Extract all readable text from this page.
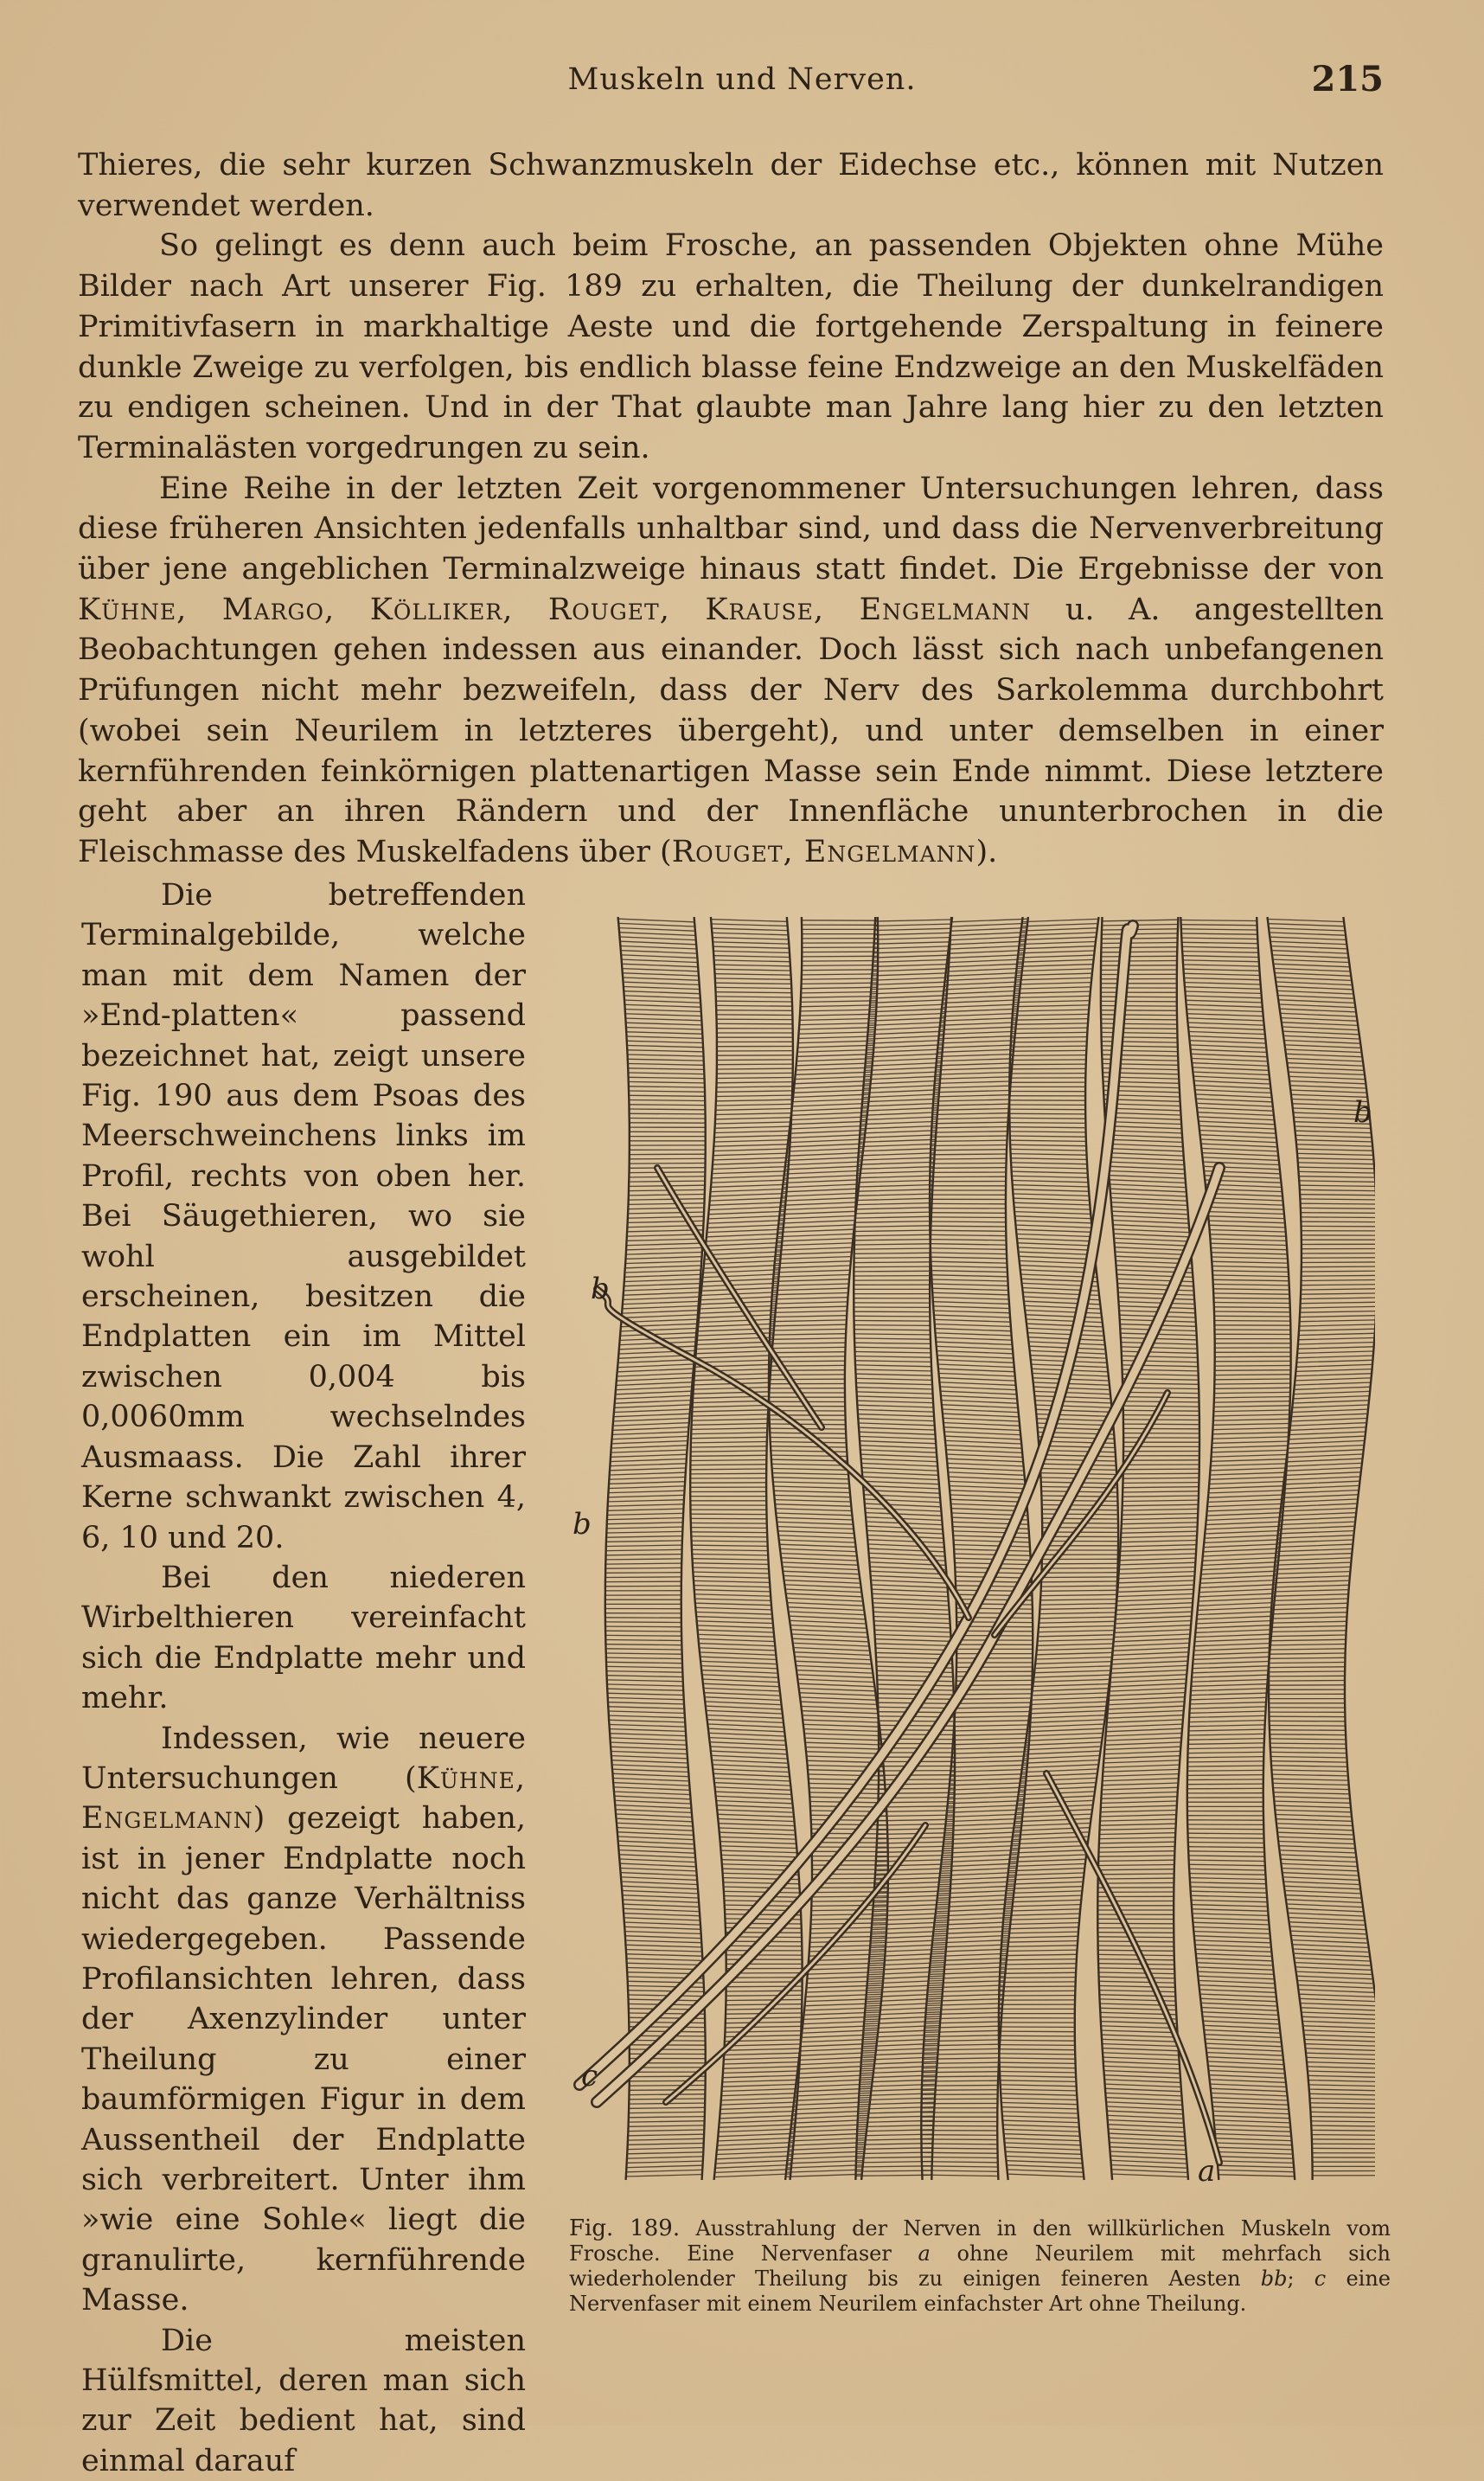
Muskeln und Nerven.	215

Thieres, die sehr kurzen Schwanzmuskeln der Eidechse etc., können mit Nutzen verwendet werden.

So gelingt es denn auch beim Frosche, an passenden Objekten ohne Mühe Bilder nach Art unserer Fig. 189 zu erhalten, die Theilung der dunkelrandigen Primitivfasern in markhaltige Aeste und die fortgehende Zerspaltung in feinere dunkle Zweige zu verfolgen, bis endlich blasse feine Endzweige an den Muskelfäden zu endigen scheinen. Und in der That glaubte man Jahre lang hier zu den letzten Terminalästen vorgedrungen zu sein.

Eine Reihe in der letzten Zeit vorgenommener Untersuchungen lehren, dass diese früheren Ansichten jedenfalls unhaltbar sind, und dass die Nervenverbreitung über jene angeblichen Terminalzweige hinaus statt findet. Die Ergebnisse der von Kühne, Margo, Kölliker, Rouget, Krause, Engelmann u. A. angestellten Beobachtungen gehen indessen aus einander. Doch lässt sich nach unbefangenen Prüfungen nicht mehr bezweifeln, dass der Nerv des Sarkolemma durchbohrt (wobei sein Neurilem in letzteres übergeht), und unter demselben in einer kernführenden feinkörnigen plattenartigen Masse sein Ende nimmt. Diese letztere geht aber an ihren Rändern und der Innenfläche ununterbrochen in die Fleischmasse des Muskelfadens über (Rouget, Engelmann).

Die betreffenden Terminalgebilde, welche man mit dem Namen der »End-platten« passend bezeichnet hat, zeigt unsere Fig. 190 aus dem Psoas des Meerschweinchens links im Profil, rechts von oben her. Bei Säugethieren, wo sie wohl ausgebildet erscheinen, besitzen die Endplatten ein im Mittel zwischen 0,004 bis 0,0060mm wechselndes Ausmaass. Die Zahl ihrer Kerne schwankt zwischen 4, 6, 10 und 20.

Bei den niederen Wirbelthieren vereinfacht sich die Endplatte mehr und mehr.

Indessen, wie neuere Untersuchungen (Kühne, Engelmann) gezeigt haben, ist in jener Endplatte noch nicht das ganze Verhältniss wiedergegeben. Passende Profilansichten lehren, dass der Axenzylinder unter Theilung zu einer baumförmigen Figur in dem Aussentheil der Endplatte sich verbreitert. Unter ihm »wie eine Sohle« liegt die granulirte, kernführende Masse.

Die meisten Hülfsmittel, deren man sich zur Zeit bedient hat, sind einmal darauf

b
b
b
c
a
Fig. 189. Ausstrahlung der Nerven in den willkürlichen Muskeln vom Frosche. Eine Nervenfaser a ohne Neurilem mit mehrfach sich wiederholender Theilung bis zu einigen feineren Aesten bb; c eine Nervenfaser mit einem Neurilem einfachster Art ohne Theilung.
